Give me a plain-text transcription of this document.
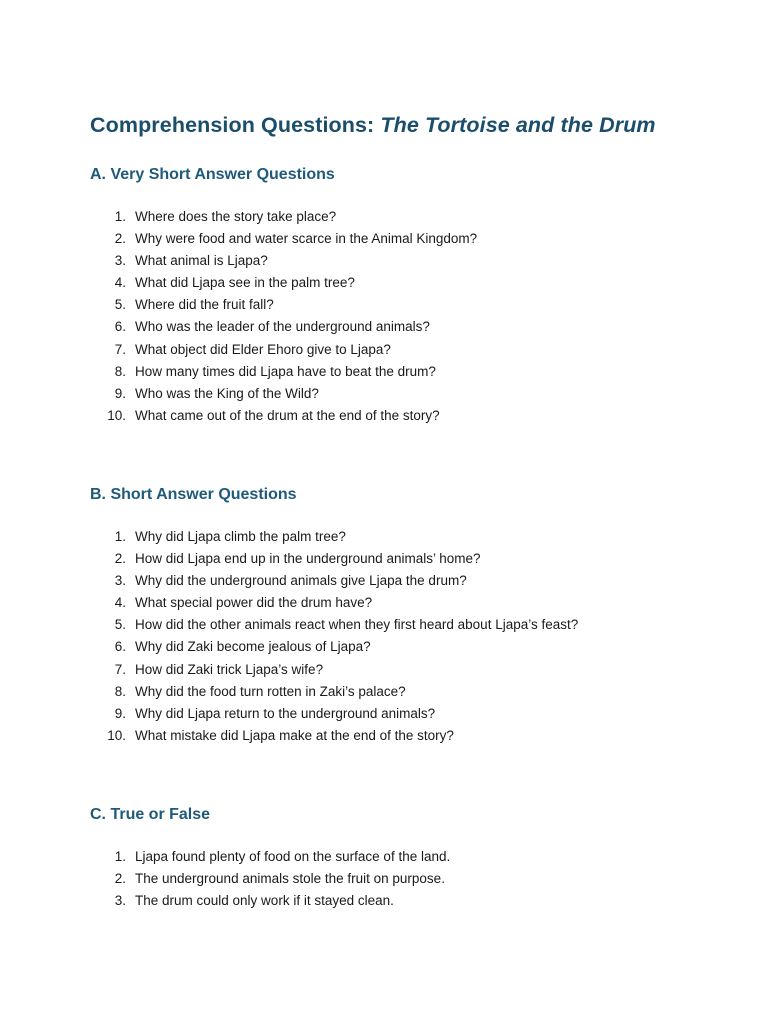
Comprehension Questions: The Tortoise and the Drum
A. Very Short Answer Questions
1. Where does the story take place?
2. Why were food and water scarce in the Animal Kingdom?
3. What animal is Ljapa?
4. What did Ljapa see in the palm tree?
5. Where did the fruit fall?
6. Who was the leader of the underground animals?
7. What object did Elder Ehoro give to Ljapa?
8. How many times did Ljapa have to beat the drum?
9. Who was the King of the Wild?
10. What came out of the drum at the end of the story?
B. Short Answer Questions
1. Why did Ljapa climb the palm tree?
2. How did Ljapa end up in the underground animals’ home?
3. Why did the underground animals give Ljapa the drum?
4. What special power did the drum have?
5. How did the other animals react when they first heard about Ljapa’s feast?
6. Why did Zaki become jealous of Ljapa?
7. How did Zaki trick Ljapa’s wife?
8. Why did the food turn rotten in Zaki’s palace?
9. Why did Ljapa return to the underground animals?
10. What mistake did Ljapa make at the end of the story?
C. True or False
1. Ljapa found plenty of food on the surface of the land.
2. The underground animals stole the fruit on purpose.
3. The drum could only work if it stayed clean.
